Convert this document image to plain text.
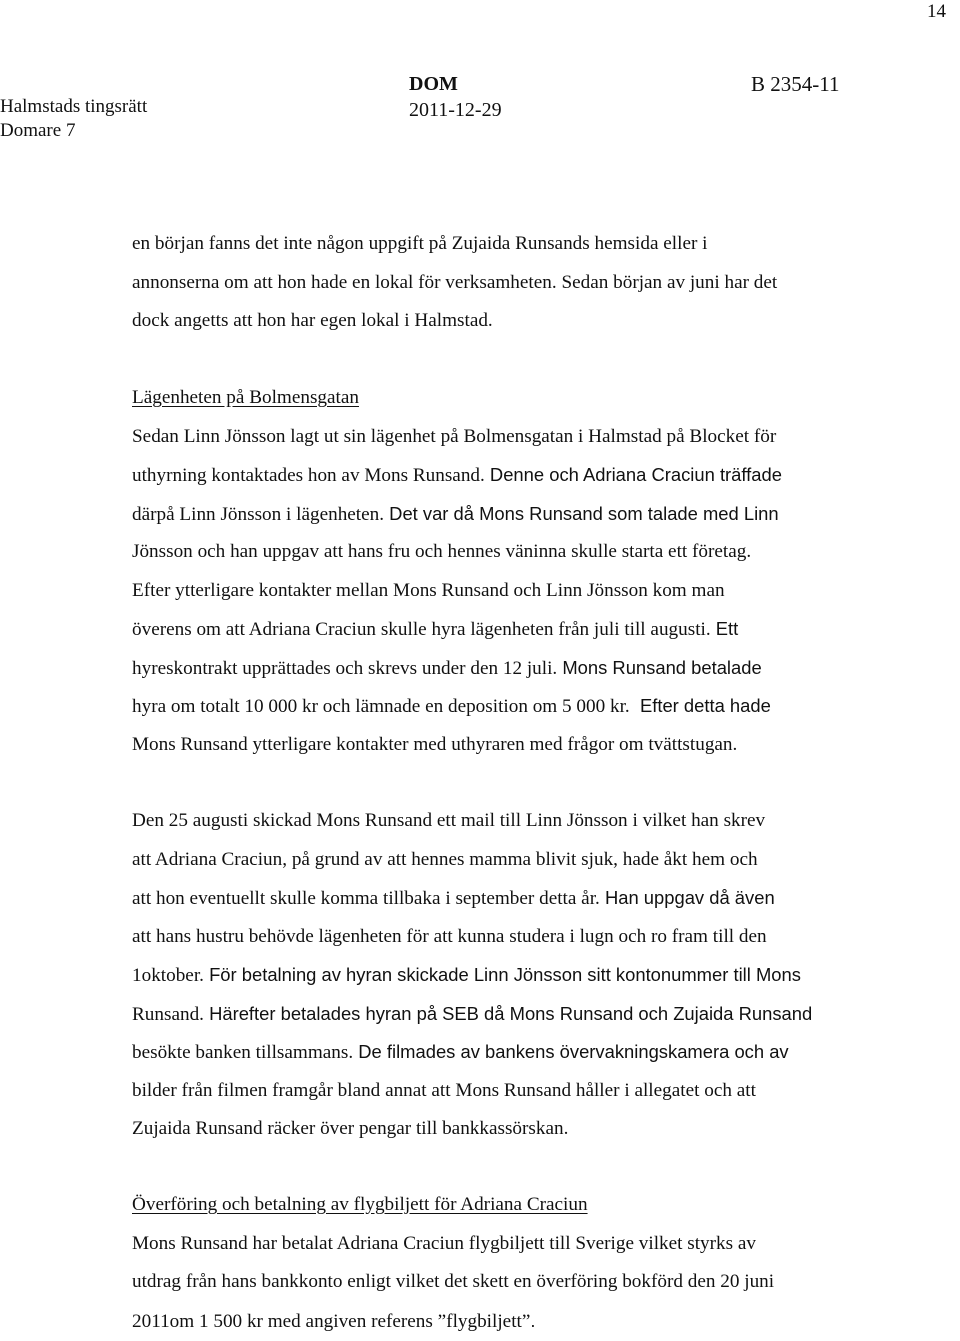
14
Halmstads tingsrätt
Domare 7
DOM
2011-12-29
B 2354-11
en början fanns det inte någon uppgift på Zujaida Runsands hemsida eller i
annonserna om att hon hade en lokal för verksamheten. Sedan början av juni har det
dock angetts att hon har egen lokal i Halmstad.
Lägenheten på Bolmensgatan
Sedan Linn Jönsson lagt ut sin lägenhet på Bolmensgatan i Halmstad på Blocket för
uthyrning kontaktades hon av Mons Runsand. Denne och Adriana Craciun träffade
därpå Linn Jönsson i lägenheten. Det var då Mons Runsand som talade med Linn
Jönsson och han uppgav att hans fru och hennes väninna skulle starta ett företag.
Efter ytterligare kontakter mellan Mons Runsand och Linn Jönsson kom man
överens om att Adriana Craciun skulle hyra lägenheten från juli till augusti. Ett
hyreskontrakt upprättades och skrevs under den 12 juli. Mons Runsand betalade
hyra om totalt 10 000 kr och lämnade en deposition om 5 000 kr.  Efter detta hade
Mons Runsand ytterligare kontakter med uthyraren med frågor om tvättstugan.
Den 25 augusti skickad Mons Runsand ett mail till Linn Jönsson i vilket han skrev
att Adriana Craciun, på grund av att hennes mamma blivit sjuk, hade åkt hem och
att hon eventuellt skulle komma tillbaka i september detta år. Han uppgav då även
att hans hustru behövde lägenheten för att kunna studera i lugn och ro fram till den
1oktober. För betalning av hyran skickade Linn Jönsson sitt kontonummer till Mons
Runsand. Härefter betalades hyran på SEB då Mons Runsand och Zujaida Runsand
besökte banken tillsammans. De filmades av bankens övervakningskamera och av
bilder från filmen framgår bland annat att Mons Runsand håller i allegatet och att
Zujaida Runsand räcker över pengar till bankkassörskan.
Överföring och betalning av flygbiljett för Adriana Craciun
Mons Runsand har betalat Adriana Craciun flygbiljett till Sverige vilket styrks av
utdrag från hans bankkonto enligt vilket det skett en överföring bokförd den 20 juni
2011om 1 500 kr med angiven referens ”flygbiljett”.
